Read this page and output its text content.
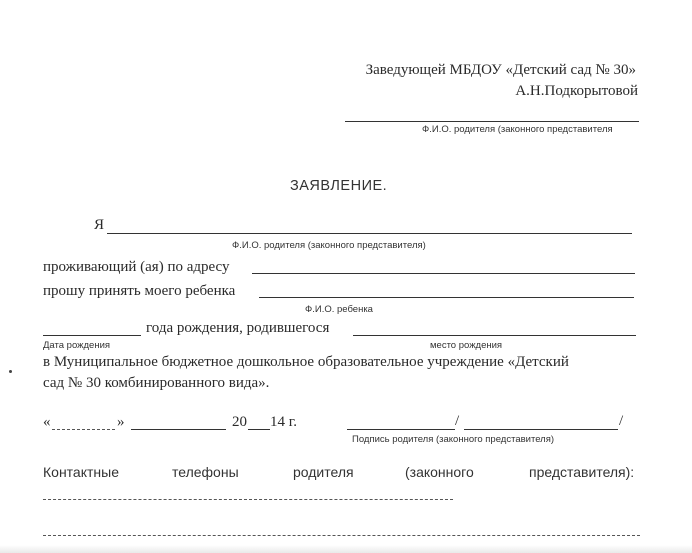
Заведующей МБДОУ «Детский сад № 30»
А.Н.Подкорытовой
Ф.И.О. родителя (законного представителя
ЗАЯВЛЕНИЕ.
Я
Ф.И.О. родителя (законного представителя)
проживающий (ая) по адресу
прошу принять моего ребенка
Ф.И.О. ребенка
года рождения, родившегося
Дата рождения	место рождения
в Муниципальное бюджетное дошкольное образовательное учреждение «Детский
сад № 30 комбинированного вида».
«	»	20 14 г.	/	/
Подпись родителя (законного представителя)
Контактные	телефоны	родителя	(законного	представителя):
